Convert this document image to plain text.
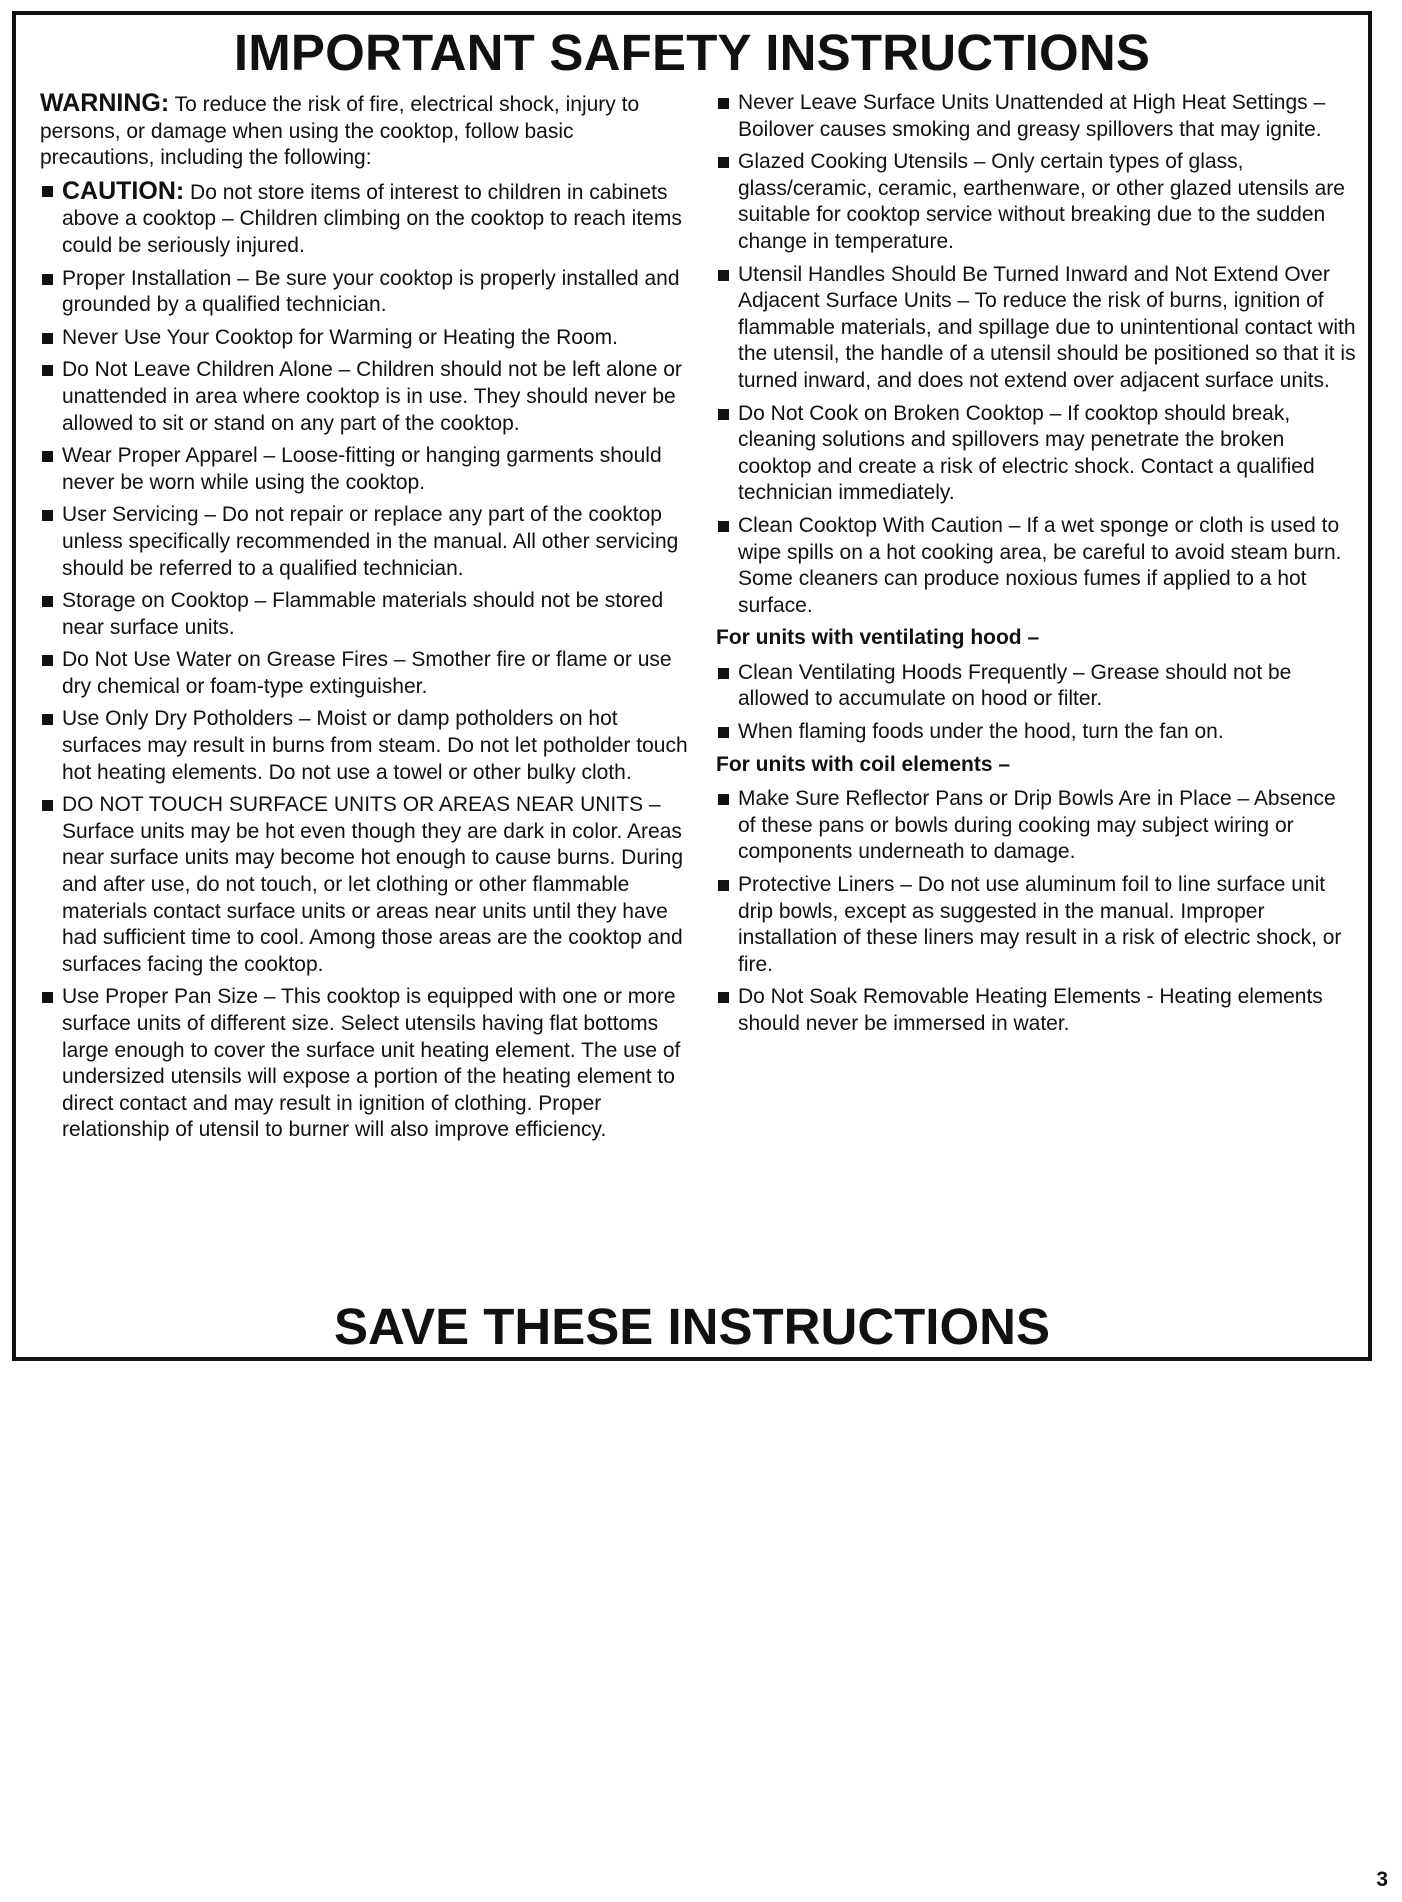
IMPORTANT SAFETY INSTRUCTIONS

WARNING: To reduce the risk of fire, electrical shock, injury to persons, or damage when using the cooktop, follow basic precautions, including the following:

CAUTION: Do not store items of interest to children in cabinets above a cooktop – Children climbing on the cooktop to reach items could be seriously injured.
Proper Installation – Be sure your cooktop is properly installed and grounded by a qualified technician.
Never Use Your Cooktop for Warming or Heating the Room.
Do Not Leave Children Alone – Children should not be left alone or unattended in area where cooktop is in use. They should never be allowed to sit or stand on any part of the cooktop.
Wear Proper Apparel – Loose-fitting or hanging garments should never be worn while using the cooktop.
User Servicing – Do not repair or replace any part of the cooktop unless specifically recommended in the manual. All other servicing should be referred to a qualified technician.
Storage on Cooktop – Flammable materials should not be stored near surface units.
Do Not Use Water on Grease Fires – Smother fire or flame or use dry chemical or foam-type extinguisher.
Use Only Dry Potholders – Moist or damp potholders on hot surfaces may result in burns from steam. Do not let potholder touch hot heating elements. Do not use a towel or other bulky cloth.
DO NOT TOUCH SURFACE UNITS OR AREAS NEAR UNITS – Surface units may be hot even though they are dark in color. Areas near surface units may become hot enough to cause burns. During and after use, do not touch, or let clothing or other flammable materials contact surface units or areas near units until they have had sufficient time to cool. Among those areas are the cooktop and surfaces facing the cooktop.
Use Proper Pan Size – This cooktop is equipped with one or more surface units of different size. Select utensils having flat bottoms large enough to cover the surface unit heating element. The use of undersized utensils will expose a portion of the heating element to direct contact and may result in ignition of clothing. Proper relationship of utensil to burner will also improve efficiency.
Never Leave Surface Units Unattended at High Heat Settings – Boilover causes smoking and greasy spillovers that may ignite.
Glazed Cooking Utensils – Only certain types of glass, glass/ceramic, ceramic, earthenware, or other glazed utensils are suitable for cooktop service without breaking due to the sudden change in temperature.
Utensil Handles Should Be Turned Inward and Not Extend Over Adjacent Surface Units – To reduce the risk of burns, ignition of flammable materials, and spillage due to unintentional contact with the utensil, the handle of a utensil should be positioned so that it is turned inward, and does not extend over adjacent surface units.
Do Not Cook on Broken Cooktop – If cooktop should break, cleaning solutions and spillovers may penetrate the broken cooktop and create a risk of electric shock. Contact a qualified technician immediately.
Clean Cooktop With Caution – If a wet sponge or cloth is used to wipe spills on a hot cooking area, be careful to avoid steam burn. Some cleaners can produce noxious fumes if applied to a hot surface.
For units with ventilating hood –
Clean Ventilating Hoods Frequently – Grease should not be allowed to accumulate on hood or filter.
When flaming foods under the hood, turn the fan on.
For units with coil elements –
Make Sure Reflector Pans or Drip Bowls Are in Place – Absence of these pans or bowls during cooking may subject wiring or components underneath to damage.
Protective Liners – Do not use aluminum foil to line surface unit drip bowls, except as suggested in the manual. Improper installation of these liners may result in a risk of electric shock, or fire.
Do Not Soak Removable Heating Elements - Heating elements should never be immersed in water.
SAVE THESE INSTRUCTIONS
3
